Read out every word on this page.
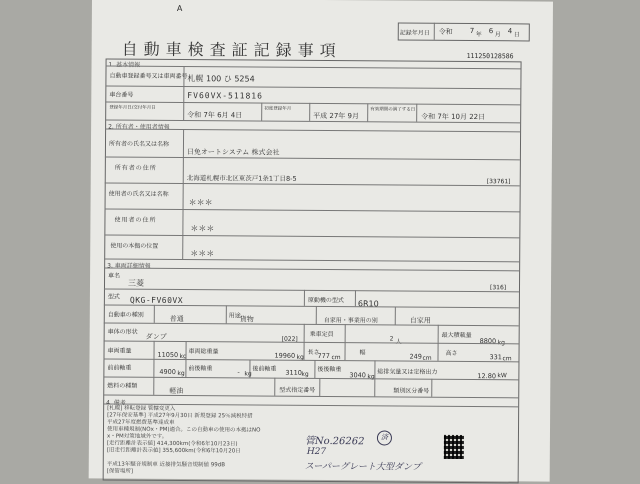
A
自動車検査証記録事項
記録年月日 令和 7 年 6 月 4 日
111250128586
1. 基本情報
自動車登録番号又は車両番号 札幌 100 ひ 5254
車台番号	FV60VX-511816
登録年月日/交付年月日
令和 7年 6月 4日
初度登録年月
平成 27年 9月
有効期間の満了する日
令和 7年 10月 22日
2. 所有者・使用者情報
所有者の氏名又は名称
日免オートシステム 株式会社
所有者の住所
北海道札幌市北区東茨戸1条1丁目8-5	[33761]
使用者の氏名又は名称
＊＊＊
使用者の住所
＊＊＊
使用の本拠の位置
＊＊＊
3. 車両詳細情報
車名
三菱	[316]
型式 QKG-FV60VX	原動機の型式 6R10
自動車の種別	普通	用途
貨物	自家用・事業用の別	自家用
車体の形状
ダンプ	[022]
乗車定員
2 人
最大積載量
8800 kg
車両重量	11050 kg
車両総重量	19960 kg
長さ
777 cm
幅	249 cm
高さ	331 cm
前前軸重	4900 kg
前後軸重	- kg
後前軸重 3110 kg
後後軸重
3040 kg
総排気量又は定格出力	12.80 kW
燃料の種類
軽油	型式指定番号	類別区分番号
4. 備考
[札幌] 移転登録 管轄変更入
[27年保安基準] 平成27年9月30日 新規登録 25％減税特措
平成27年度燃費基準達成車
使用車種規制(NOx・PM)適合。この自動車の使用の本拠はNO
x・PM対策地域外です。
[走行距離計表示値] 414,300km(令和6年10月23日)
[旧走行距離計表示値] 355,600km(令和6年10月20日

平成13年騒音規制車 近接排気騒音規制値 99dB
[保管場所]
管No.26262	済
H27
スーパーグレート大型ダンプ
